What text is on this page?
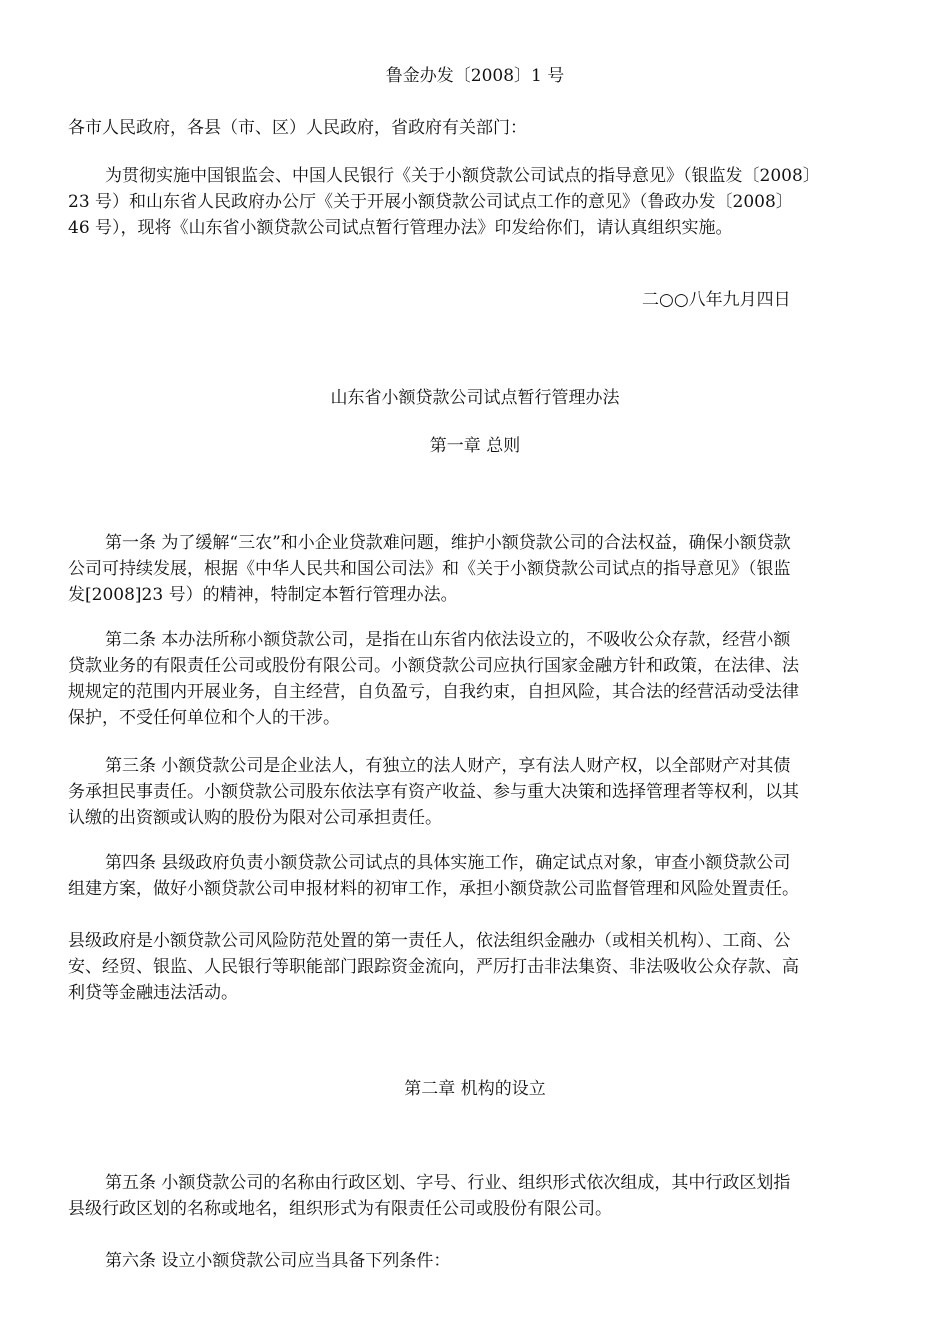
鲁金办发〔2008〕1 号

各市人民政府，各县（市、区）人民政府，省政府有关部门：

为贯彻实施中国银监会、中国人民银行《关于小额贷款公司试点的指导意见》（银监发〔2008〕
23 号）和山东省人民政府办公厅《关于开展小额贷款公司试点工作的意见》（鲁政办发〔2008〕
46 号），现将《山东省小额贷款公司试点暂行管理办法》印发给你们，请认真组织实施。

二○○八年九月四日

山东省小额贷款公司试点暂行管理办法

第一章 总则

第一条 为了缓解“三农”和小企业贷款难问题，维护小额贷款公司的合法权益，确保小额贷款
公司可持续发展，根据《中华人民共和国公司法》和《关于小额贷款公司试点的指导意见》（银监
发[2008]23 号）的精神，特制定本暂行管理办法。
第二条 本办法所称小额贷款公司，是指在山东省内依法设立的，不吸收公众存款，经营小额
贷款业务的有限责任公司或股份有限公司。小额贷款公司应执行国家金融方针和政策，在法律、法
规规定的范围内开展业务，自主经营，自负盈亏，自我约束，自担风险，其合法的经营活动受法律
保护，不受任何单位和个人的干涉。
第三条 小额贷款公司是企业法人，有独立的法人财产，享有法人财产权，以全部财产对其债
务承担民事责任。小额贷款公司股东依法享有资产收益、参与重大决策和选择管理者等权利，以其
认缴的出资额或认购的股份为限对公司承担责任。
第四条 县级政府负责小额贷款公司试点的具体实施工作，确定试点对象，审查小额贷款公司
组建方案，做好小额贷款公司申报材料的初审工作，承担小额贷款公司监督管理和风险处置责任。
县级政府是小额贷款公司风险防范处置的第一责任人，依法组织金融办（或相关机构）、工商、公
安、经贸、银监、人民银行等职能部门跟踪资金流向，严厉打击非法集资、非法吸收公众存款、高
利贷等金融违法活动。

第二章 机构的设立

第五条 小额贷款公司的名称由行政区划、字号、行业、组织形式依次组成，其中行政区划指
县级行政区划的名称或地名，组织形式为有限责任公司或股份有限公司。

第六条 设立小额贷款公司应当具备下列条件：
